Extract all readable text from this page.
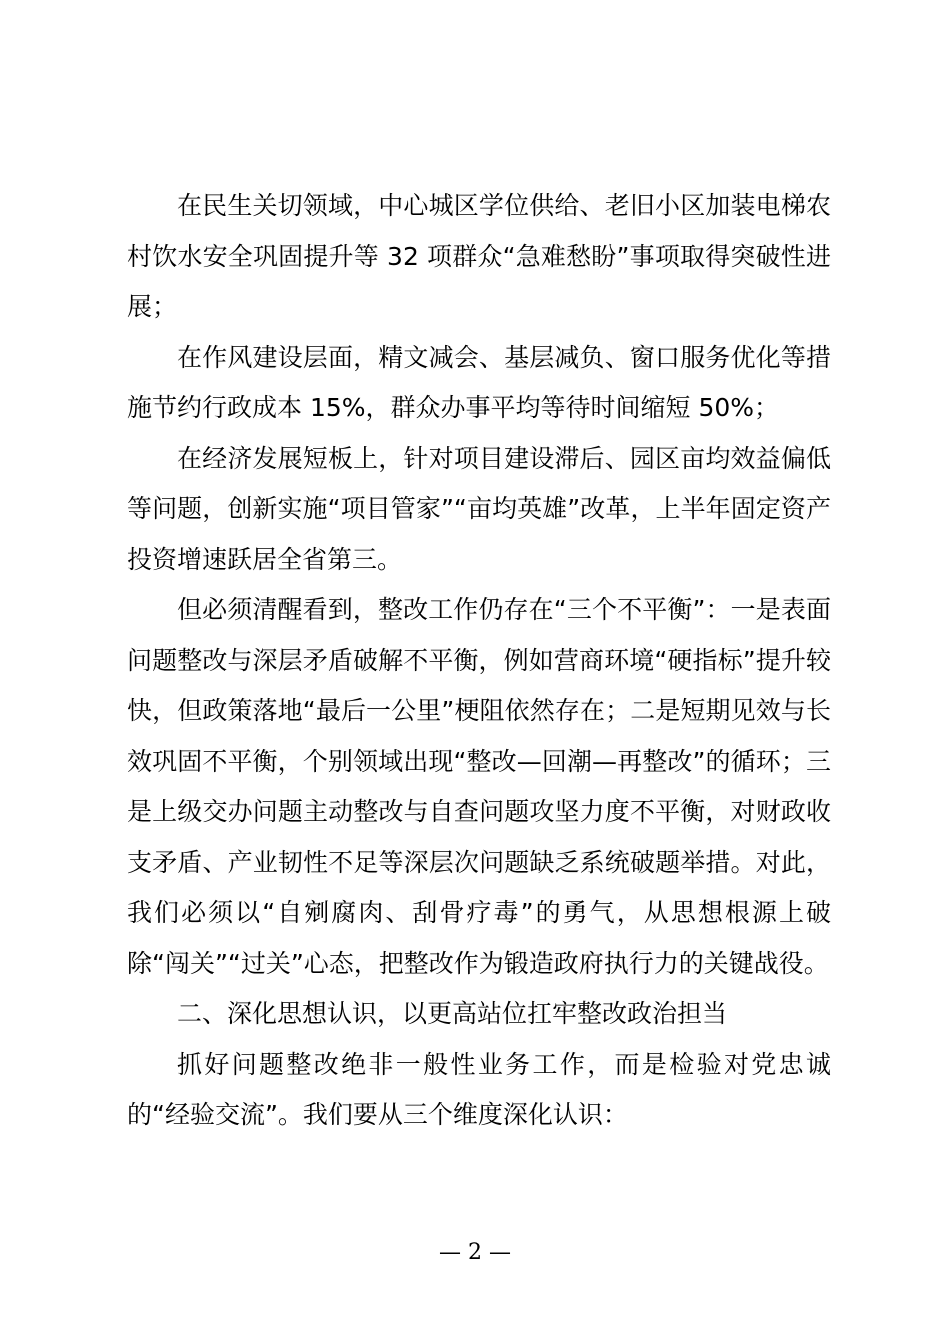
在民生关切领域，中心城区学位供给、老旧小区加装电梯农村饮水安全巩固提升等 32 项群众“急难愁盼”事项取得突破性进展；

在作风建设层面，精文减会、基层减负、窗口服务优化等措施节约行政成本 15%，群众办事平均等待时间缩短 50%；

在经济发展短板上，针对项目建设滞后、园区亩均效益偏低等问题，创新实施“项目管家”“亩均英雄”改革，上半年固定资产投资增速跃居全省第三。

但必须清醒看到，整改工作仍存在“三个不平衡”：一是表面问题整改与深层矛盾破解不平衡，例如营商环境“硬指标”提升较快，但政策落地“最后一公里”梗阻依然存在；二是短期见效与长效巩固不平衡，个别领域出现“整改—回潮—再整改”的循环；三是上级交办问题主动整改与自查问题攻坚力度不平衡，对财政收支矛盾、产业韧性不足等深层次问题缺乏系统破题举措。对此，我们必须以“自剜腐肉、刮骨疗毒”的勇气，从思想根源上破除“闯关”“过关”心态，把整改作为锻造政府执行力的关键战役。

二、深化思想认识，以更高站位扛牢整改政治担当

抓好问题整改绝非一般性业务工作，而是检验对党忠诚的“经验交流”。我们要从三个维度深化认识：

— 2 —
